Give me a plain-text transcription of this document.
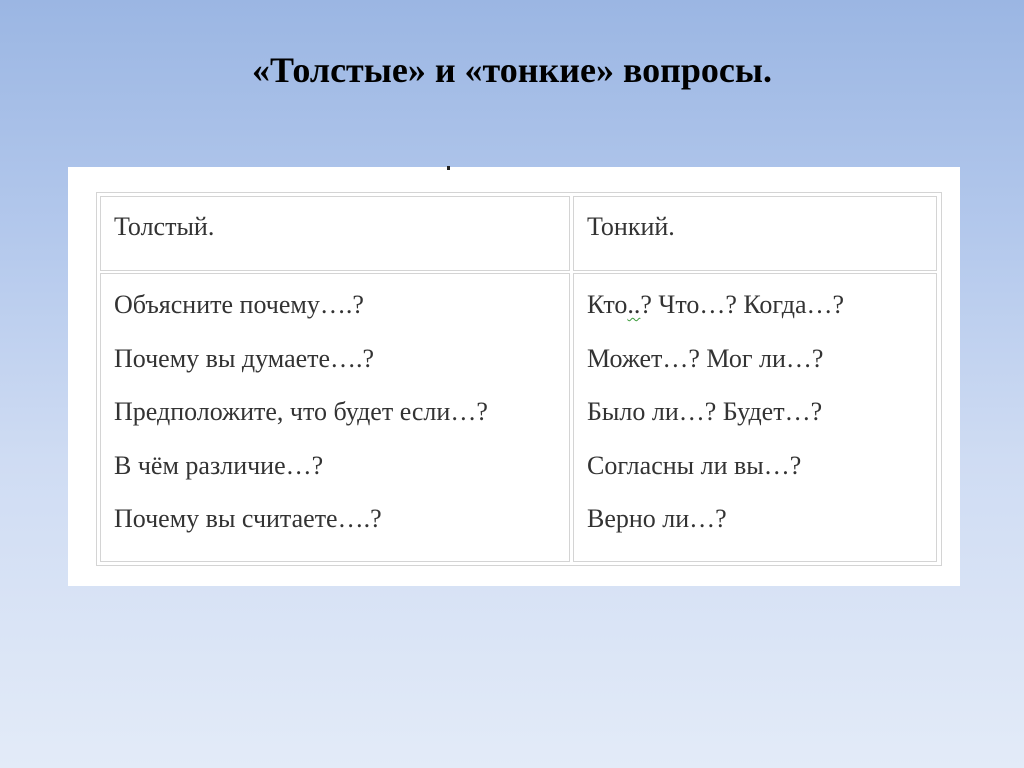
«Толстые» и «тонкие» вопросы.
Толстый.	Тонкий.
Объясните почему….?
Почему вы думаете….?
Предположите, что будет если…?
В чём различие…?
Почему вы считаете….?
Кто..? Что…? Когда…?
Может…? Мог ли…?
Было ли…? Будет…?
Согласны ли вы…?
Верно ли…?
